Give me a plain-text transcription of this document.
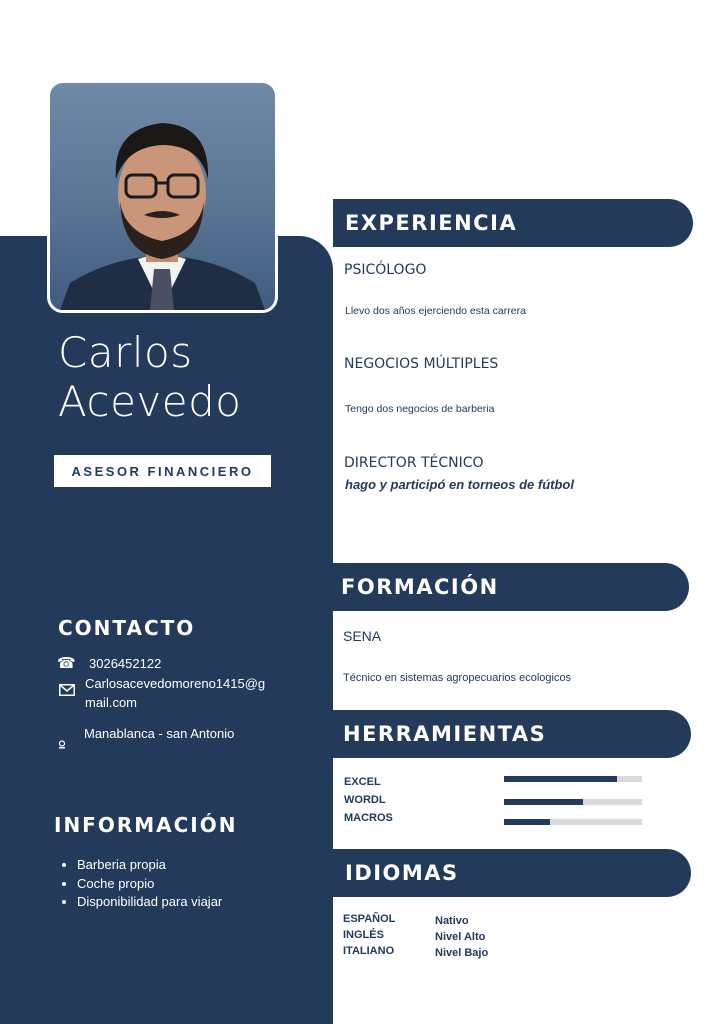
Carlos
Acevedo
ASESOR FINANCIERO
CONTACTO
☎ 3026452122
Carlosacevedomoreno1415@g
mail.com
Manablanca - san Antonio
INFORMACIÓN
• Barberia propia
• Coche propio
• Disponibilidad para viajar
EXPERIENCIA
PSICÓLOGO
Llevo dos años ejerciendo esta carrera
NEGOCIOS MÚLTIPLES
Tengo dos negocios de barberia
DIRECTOR TÉCNICO
hago y participó en torneos de fútbol
FORMACIÓN
SENA
Técnico en sistemas agropecuarios ecologicos
HERRAMIENTAS
EXCEL
WORDL
MACROS
IDIOMAS
ESPAÑOL	Nativo
INGLÉS	Nivel Alto
ITALIANO	Nivel Bajo
